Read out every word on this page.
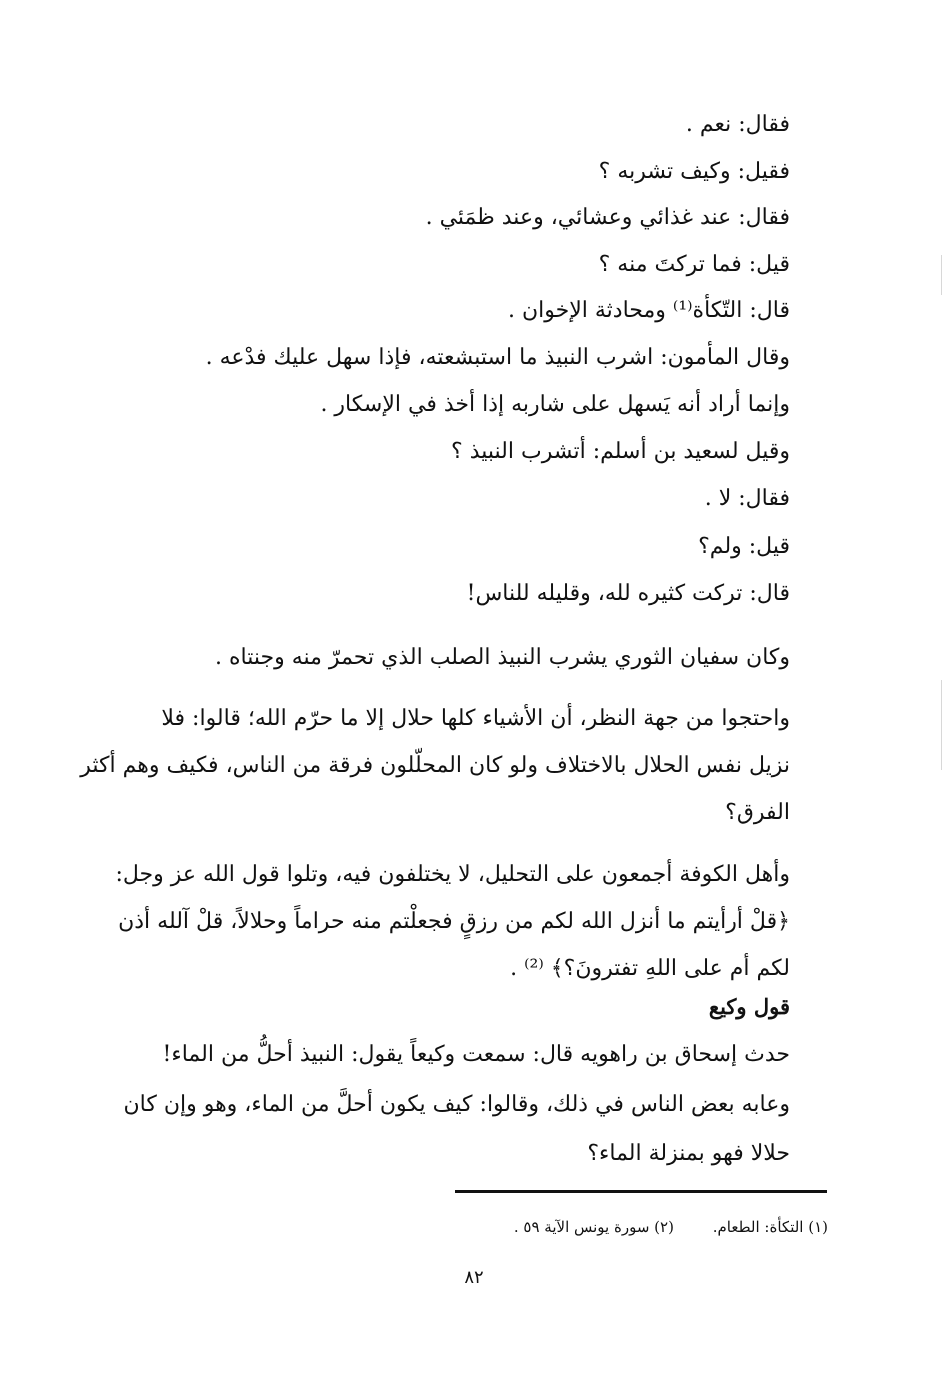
فقال: نعم .
فقيل: وكيف تشربه ؟
فقال: عند غذائي وعشائي، وعند ظمَئي .
قيل: فما تركتَ منه ؟
قال: التّكأة⁽¹⁾ ومحادثة الإخوان .
وقال المأمون: اشرب النبيذ ما استبشعته، فإذا سهل عليك فدْعه .
وإنما أراد أنه يَسهل على شاربه إذا أخذ في الإسكار .
وقيل لسعيد بن أسلم: أتشرب النبيذ ؟
فقال: لا .
قيل: ولم؟
قال: تركت كثيره لله، وقليله للناس!
وكان سفيان الثوري يشرب النبيذ الصلب الذي تحمرّ منه وجنتاه .
واحتجوا من جهة النظر، أن الأشياء كلها حلال إلا ما حرّم الله؛ قالوا: فلا
نزيل نفس الحلال بالاختلاف ولو كان المحلّلون فرقة من الناس، فكيف وهم أكثر
الفرق؟
وأهل الكوفة أجمعون على التحليل، لا يختلفون فيه، وتلوا قول الله عز وجل:
﴿قلْ أرأيتم ما أنزل الله لكم من رزقٍ فجعلْتم منه حراماً وحلالاً، قلْ آلله أذن
لكم أم على اللهِ تفترونَ؟﴾ ⁽²⁾ .
قول وكيع
حدث إسحاق بن راهويه قال: سمعت وكيعاً يقول: النبيذ أحلُّ من الماء!
وعابه بعض الناس في ذلك، وقالوا: كيف يكون أحلَّ من الماء، وهو وإن كان
حلالا فهو بمنزلة الماء؟
(١) التكأة: الطعام. (٢) سورة يونس الآية ٥٩ .
٨٢
